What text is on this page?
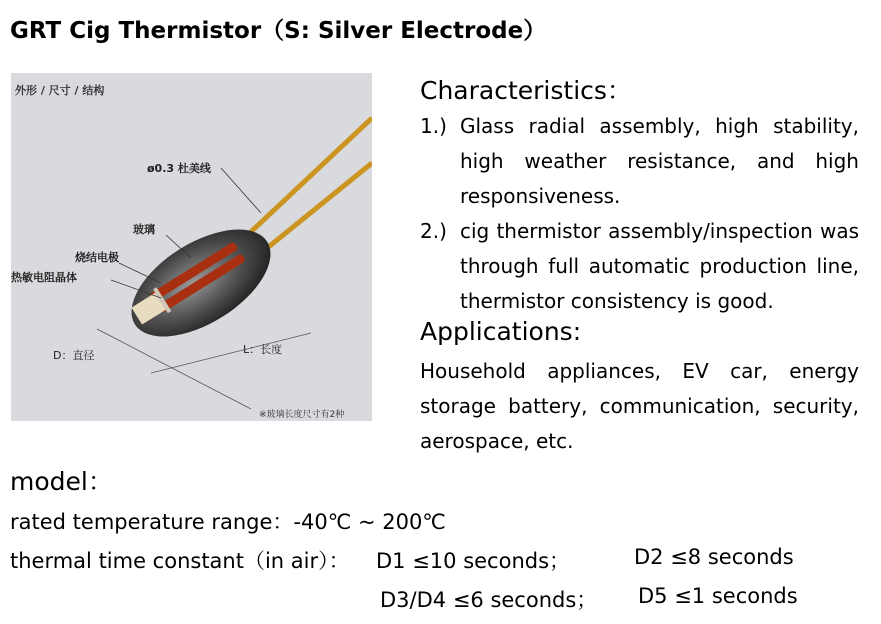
GRT Cig Thermistor（S: Silver Electrode）
外形 / 尺寸 / 结构
ø0.3 杜美线
玻璃
烧结电极
热敏电阻晶体
D：直径	L：长度
※玻璃长度尺寸有2种
Characteristics：
1.) Glass radial assembly, high stability, high weather resistance, and high responsiveness.
2.) cig thermistor assembly/inspection was through full automatic production line, thermistor consistency is good.
Applications:
Household appliances, EV car, energy storage battery, communication, security, aerospace, etc.
model：
rated temperature range：-40℃ ~ 200℃
thermal time constant（in air）： D1 ≤10 seconds；	D2 ≤8 seconds
D3/D4 ≤6 seconds； D5 ≤1 seconds
